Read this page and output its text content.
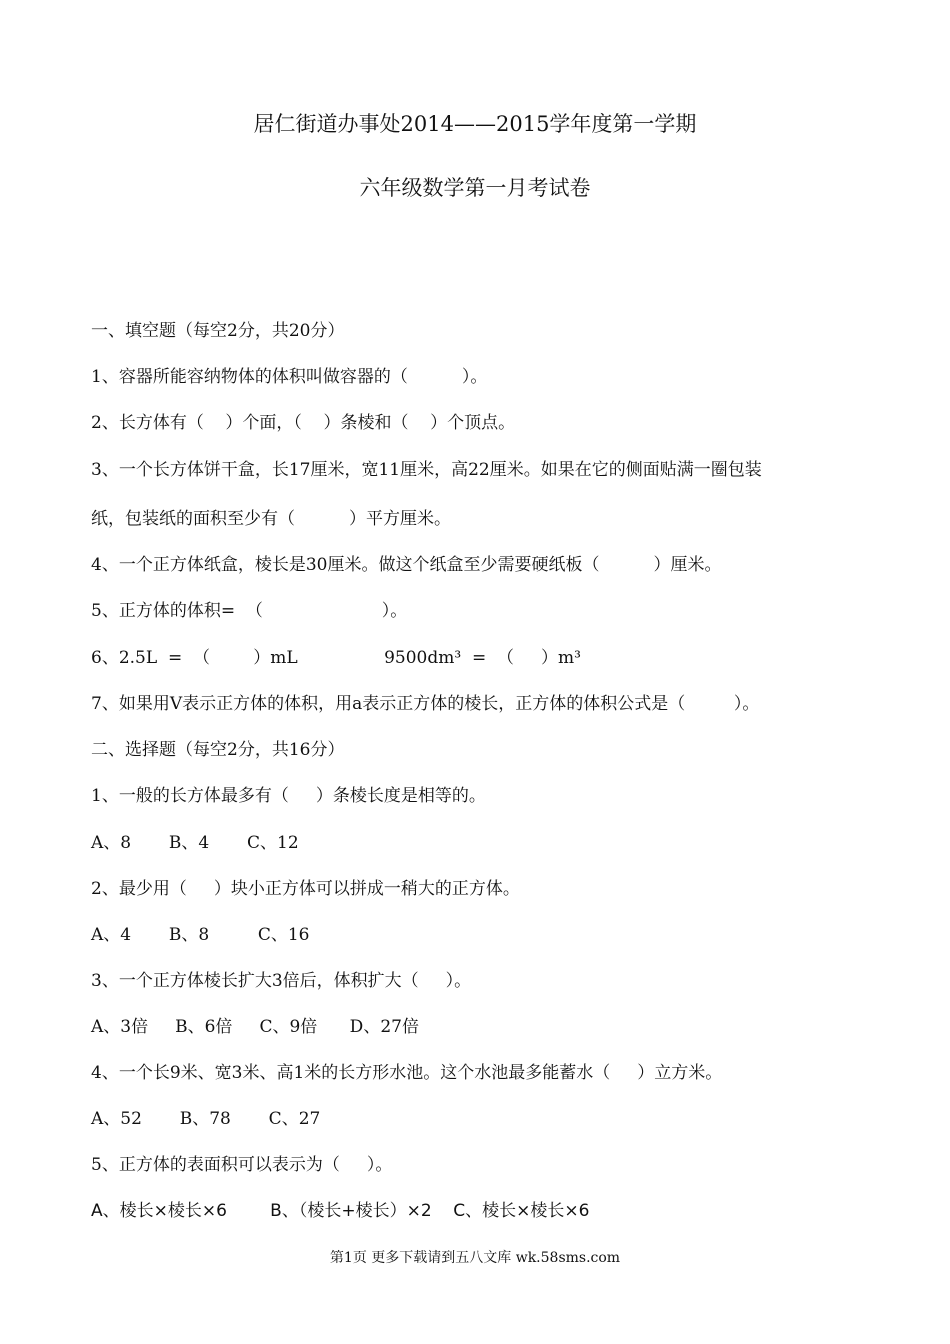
居仁街道办事处2014——2015学年度第一学期
六年级数学第一月考试卷
一、填空题（每空2分，共20分）
1、容器所能容纳物体的体积叫做容器的（          ）。
2、长方体有（    ）个面，（    ）条棱和（    ）个顶点。
3、一个长方体饼干盒，长17厘米，宽11厘米，高22厘米。如果在它的侧面贴满一圈包装
纸，包装纸的面积至少有（          ）平方厘米。
4、一个正方体纸盒，棱长是30厘米。做这个纸盒至少需要硬纸板（          ）厘米。
5、正方体的体积=  （                      ）。
6、2.5L  =  （        ）mL                9500dm³  =  （     ）m³
7、如果用V表示正方体的体积，用a表示正方体的棱长，正方体的体积公式是（         ）。
二、选择题（每空2分，共16分）
1、一般的长方体最多有（     ）条棱长度是相等的。
A、8       B、4       C、12
2、最少用（     ）块小正方体可以拼成一稍大的正方体。
A、4       B、8         C、16
3、一个正方体棱长扩大3倍后，体积扩大（     ）。
A、3倍     B、6倍     C、9倍      D、27倍
4、一个长9米、宽3米、高1米的长方形水池。这个水池最多能蓄水（     ）立方米。
A、52       B、78       C、27
5、正方体的表面积可以表示为（     ）。
A、棱长×棱长×6        B、（棱长+棱长）×2    C、棱长×棱长×6
第1页 更多下载请到五八文库 wk.58sms.com
